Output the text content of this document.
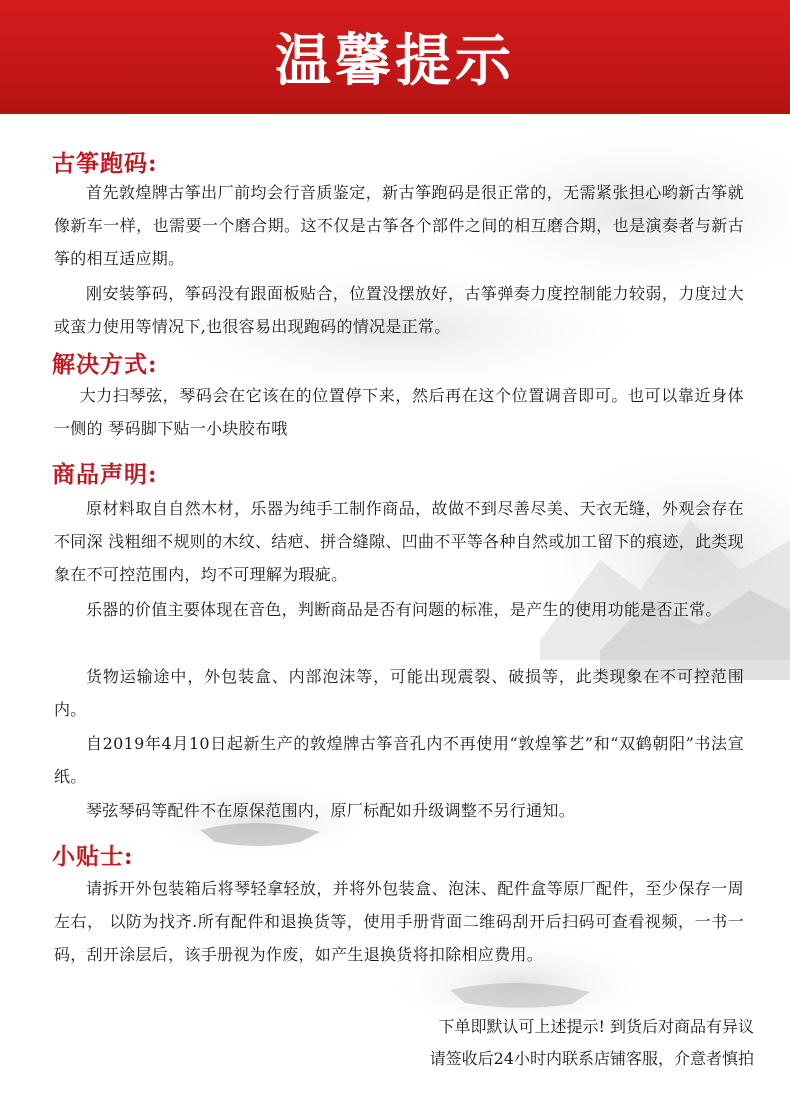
温馨提示
古筝跑码:

首先敦煌牌古筝出厂前均会行音质鉴定，新古筝跑码是很正常的，无需紧张担心哟新古筝就像新车一样，也需要一个磨合期。这不仅是古筝各个部件之间的相互磨合期，也是演奏者与新古筝的相互适应期。

刚安装筝码，筝码没有跟面板贴合，位置没摆放好，古筝弹奏力度控制能力较弱，力度过大或蛮力使用等情况下,也很容易出现跑码的情况是正常。

解决方式:

大力扫琴弦，琴码会在它该在的位置停下来，然后再在这个位置调音即可。也可以靠近身体一侧的 琴码脚下贴一小块胶布哦

商品声明:

原材料取自自然木材，乐器为纯手工制作商品，故做不到尽善尽美、天衣无缝，外观会存在不同深 浅粗细不规则的木纹、结疤、拼合缝隙、凹曲不平等各种自然或加工留下的痕迹，此类现象在不可控范围内，均不可理解为瑕疵。

乐器的价值主要体现在音色，判断商品是否有问题的标准，是产生的使用功能是否正常。

货物运输途中，外包装盒、内部泡沫等，可能出现震裂、破损等，此类现象在不可控范围内。

自2019年4月10日起新生产的敦煌牌古筝音孔内不再使用“敦煌筝艺”和“双鹤朝阳”书法宣纸。

琴弦琴码等配件不在原保范围内，原厂标配如升级调整不另行通知。

小贴士:

请拆开外包装箱后将琴轻拿轻放，并将外包装盒、泡沫、配件盒等原厂配件，至少保存一周左右， 以防为找齐.所有配件和退换货等，使用手册背面二维码刮开后扫码可查看视频，一书一码，刮开涂层后，该手册视为作废，如产生退换货将扣除相应费用。

下单即默认可上述提示! 到货后对商品有异议
请签收后24小时内联系店铺客服，介意者慎拍
